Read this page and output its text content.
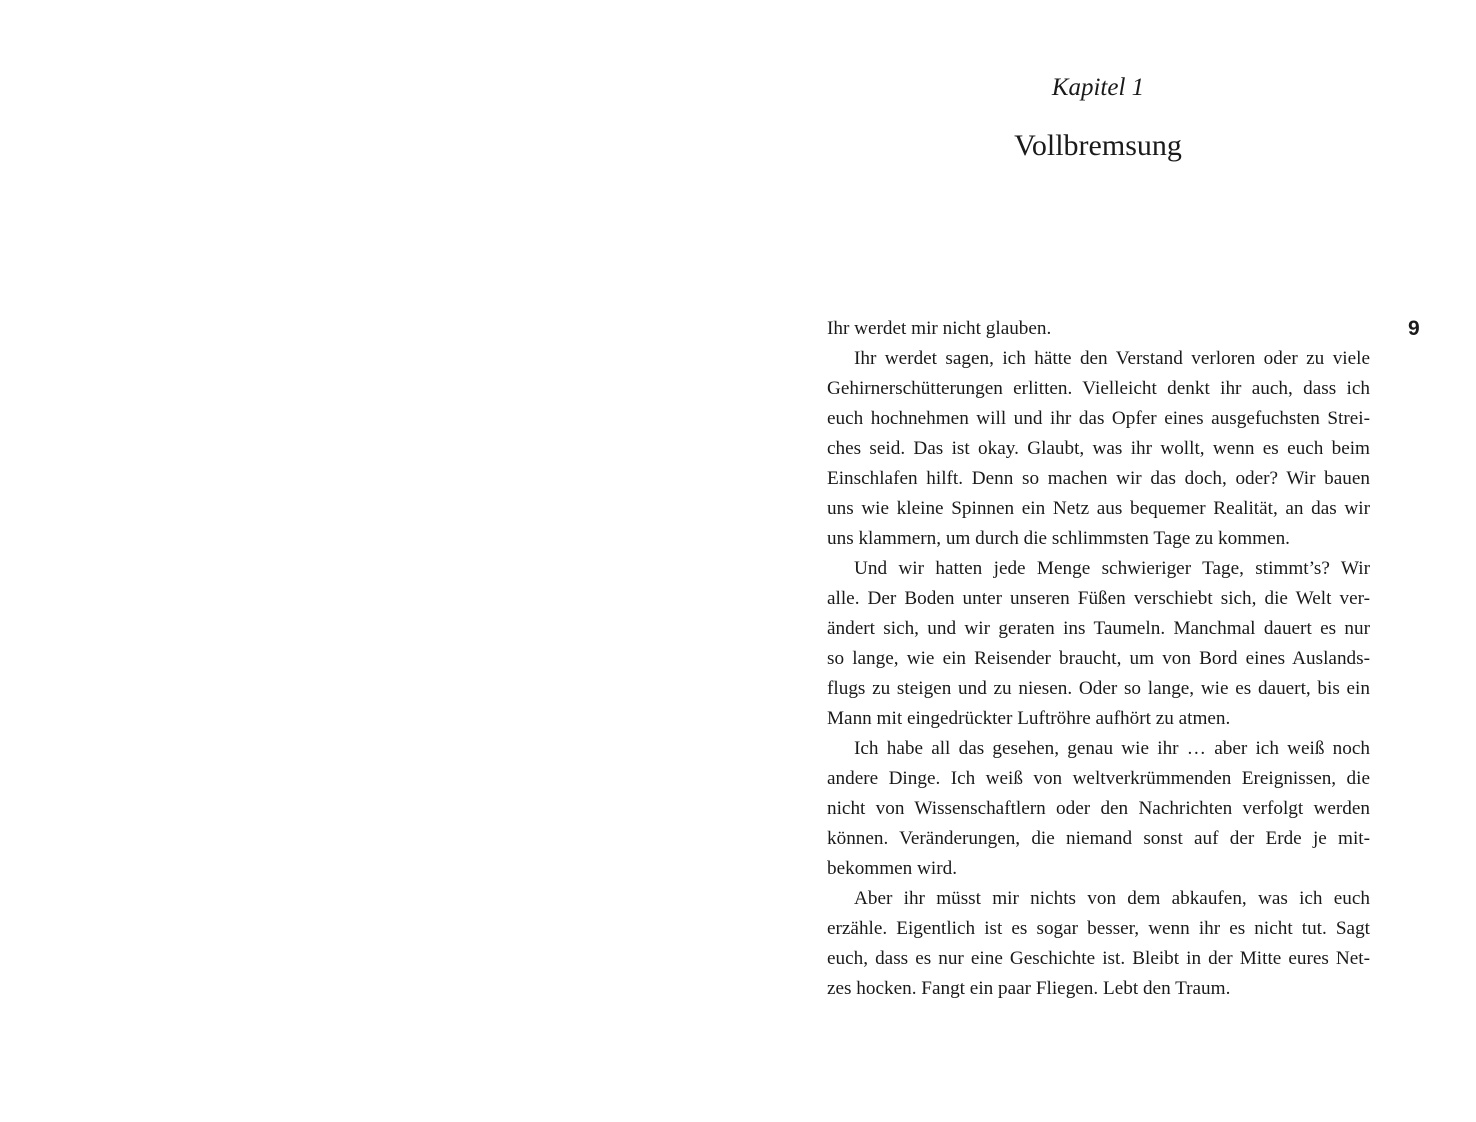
Kapitel 1
Vollbremsung
9
Ihr werdet mir nicht glauben.
Ihr werdet sagen, ich hätte den Verstand verloren oder zu viele
Gehirnerschütterungen erlitten. Vielleicht denkt ihr auch, dass ich
euch hochnehmen will und ihr das Opfer eines ausgefuchsten Strei-
ches seid. Das ist okay. Glaubt, was ihr wollt, wenn es euch beim
Einschlafen hilft. Denn so machen wir das doch, oder? Wir bauen
uns wie kleine Spinnen ein Netz aus bequemer Realität, an das wir
uns klammern, um durch die schlimmsten Tage zu kommen.
Und wir hatten jede Menge schwieriger Tage, stimmt’s? Wir
alle. Der Boden unter unseren Füßen verschiebt sich, die Welt ver-
ändert sich, und wir geraten ins Taumeln. Manchmal dauert es nur
so lange, wie ein Reisender braucht, um von Bord eines Auslands-
flugs zu steigen und zu niesen. Oder so lange, wie es dauert, bis ein
Mann mit eingedrückter Luftröhre aufhört zu atmen.
Ich habe all das gesehen, genau wie ihr … aber ich weiß noch
andere Dinge. Ich weiß von weltverkrümmenden Ereignissen, die
nicht von Wissenschaftlern oder den Nachrichten verfolgt werden
können. Veränderungen, die niemand sonst auf der Erde je mit-
bekommen wird.
Aber ihr müsst mir nichts von dem abkaufen, was ich euch
erzähle. Eigentlich ist es sogar besser, wenn ihr es nicht tut. Sagt
euch, dass es nur eine Geschichte ist. Bleibt in der Mitte eures Net-
zes hocken. Fangt ein paar Fliegen. Lebt den Traum.
